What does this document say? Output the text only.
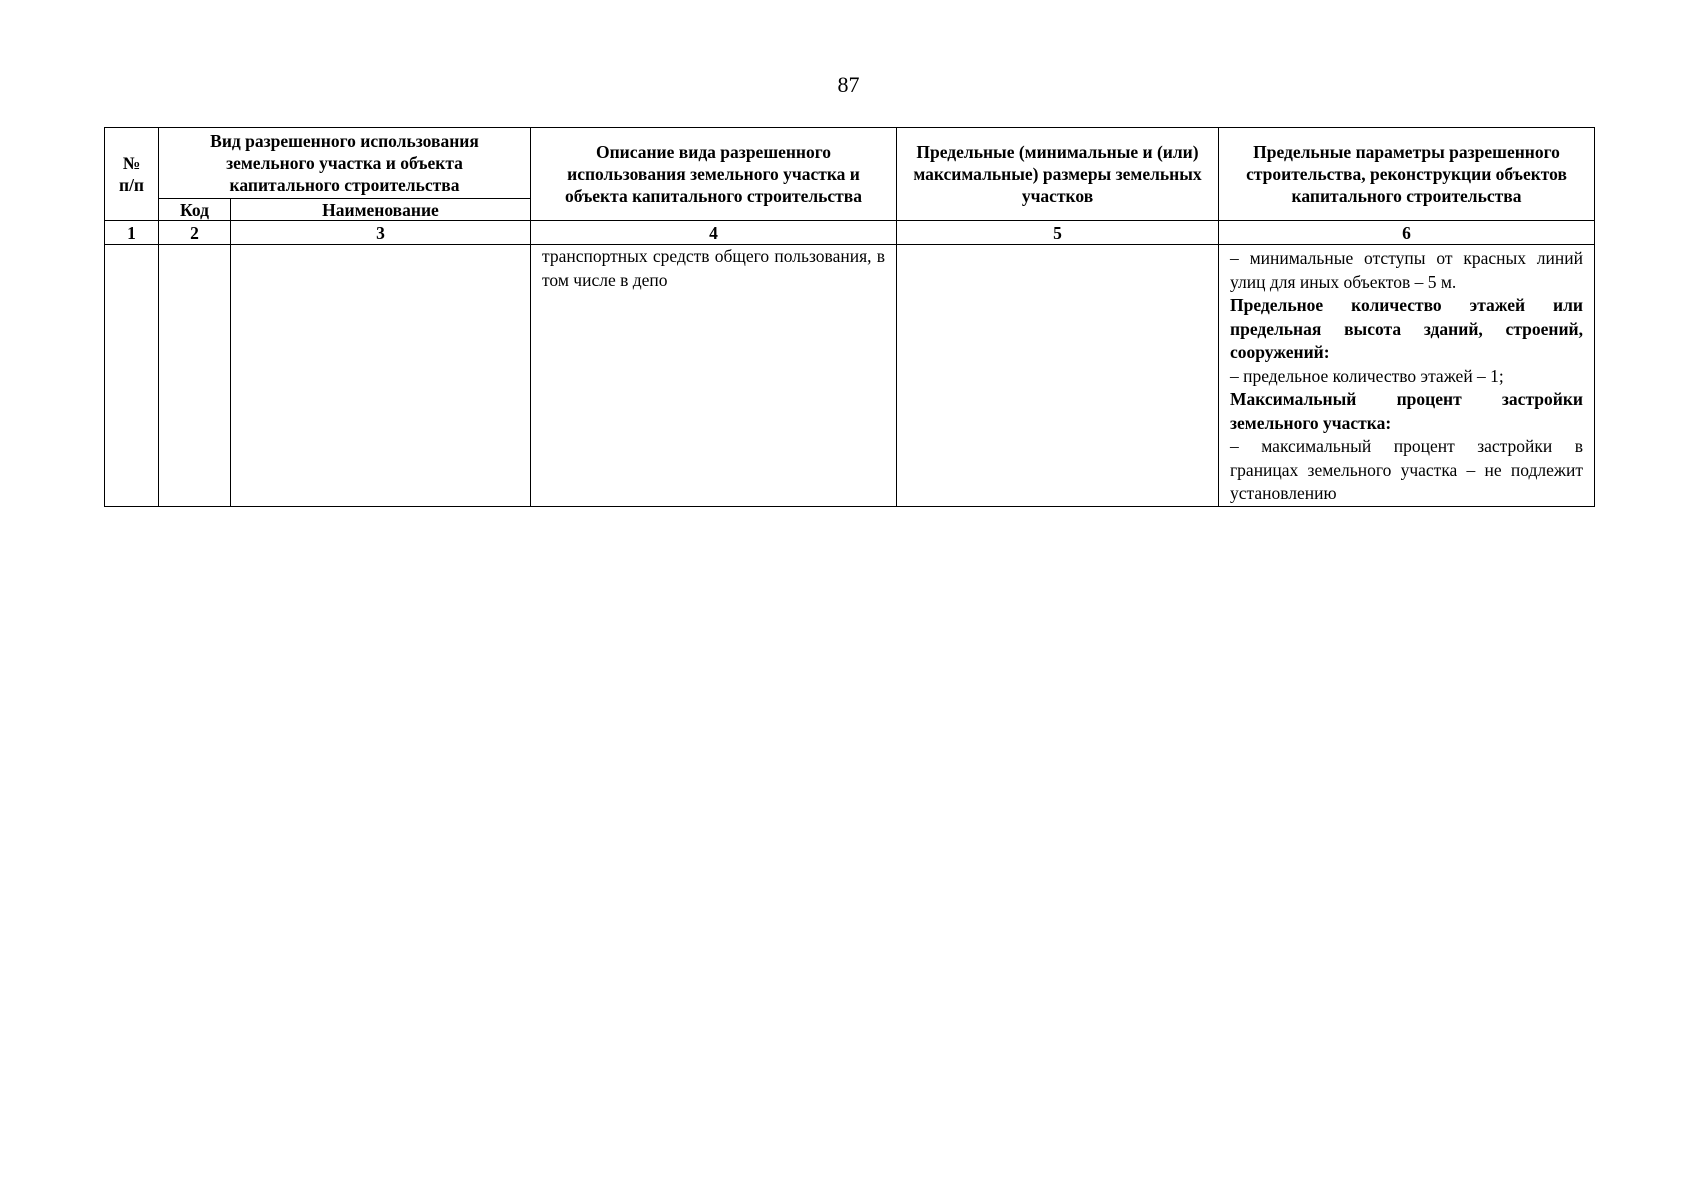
87
№ п/п	Вид разрешенного использования земельного участка и объекта капитального строительства		Описание вида разрешенного использования земельного участка и объекта капитального строительства	Предельные (минимальные и (или) максимальные) размеры земельных участков	Предельные параметры разрешенного строительства, реконструкции объектов капитального строительства
	Код	Наименование			
1	2	3	4	5	6

			транспортных средств общего пользования, в том числе в депо		– минимальные отступы от красных линий улиц для иных объектов – 5 м.

Предельное количество этажей или предельная высота зданий, строений, сооружений:

– предельное количество этажей – 1;

Максимальный процент застройки земельного участка:

– максимальный процент застройки в границах земельного участка – не подлежит установлению
